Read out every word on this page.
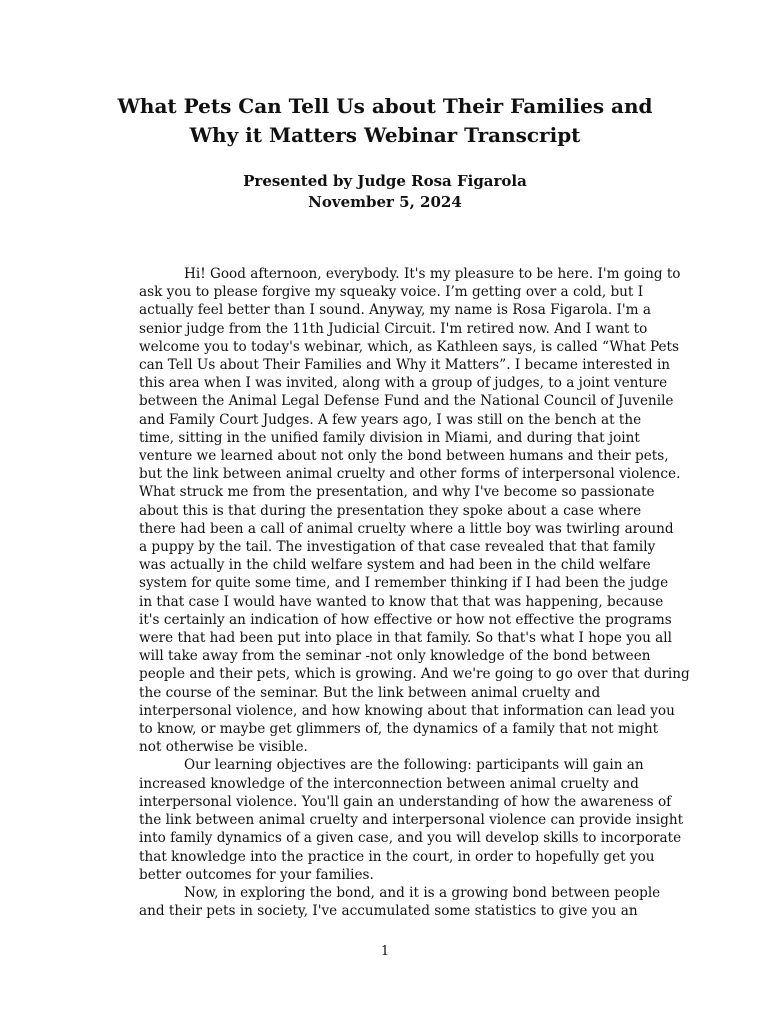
What Pets Can Tell Us about Their Families and
Why it Matters Webinar Transcript
Presented by Judge Rosa Figarola
November 5, 2024
Hi! Good afternoon, everybody. It's my pleasure to be here. I'm going to
ask you to please forgive my squeaky voice. I’m getting over a cold, but I
actually feel better than I sound. Anyway, my name is Rosa Figarola. I'm a
senior judge from the 11th Judicial Circuit. I'm retired now. And I want to
welcome you to today's webinar, which, as Kathleen says, is called “What Pets
can Tell Us about Their Families and Why it Matters”. I became interested in
this area when I was invited, along with a group of judges, to a joint venture
between the Animal Legal Defense Fund and the National Council of Juvenile
and Family Court Judges. A few years ago, I was still on the bench at the
time, sitting in the unified family division in Miami, and during that joint
venture we learned about not only the bond between humans and their pets,
but the link between animal cruelty and other forms of interpersonal violence.
What struck me from the presentation, and why I've become so passionate
about this is that during the presentation they spoke about a case where
there had been a call of animal cruelty where a little boy was twirling around
a puppy by the tail. The investigation of that case revealed that that family
was actually in the child welfare system and had been in the child welfare
system for quite some time, and I remember thinking if I had been the judge
in that case I would have wanted to know that that was happening, because
it's certainly an indication of how effective or how not effective the programs
were that had been put into place in that family. So that's what I hope you all
will take away from the seminar -not only knowledge of the bond between
people and their pets, which is growing. And we're going to go over that during
the course of the seminar. But the link between animal cruelty and
interpersonal violence, and how knowing about that information can lead you
to know, or maybe get glimmers of, the dynamics of a family that not might
not otherwise be visible.
Our learning objectives are the following: participants will gain an
increased knowledge of the interconnection between animal cruelty and
interpersonal violence. You'll gain an understanding of how the awareness of
the link between animal cruelty and interpersonal violence can provide insight
into family dynamics of a given case, and you will develop skills to incorporate
that knowledge into the practice in the court, in order to hopefully get you
better outcomes for your families.
Now, in exploring the bond, and it is a growing bond between people
and their pets in society, I've accumulated some statistics to give you an
1
